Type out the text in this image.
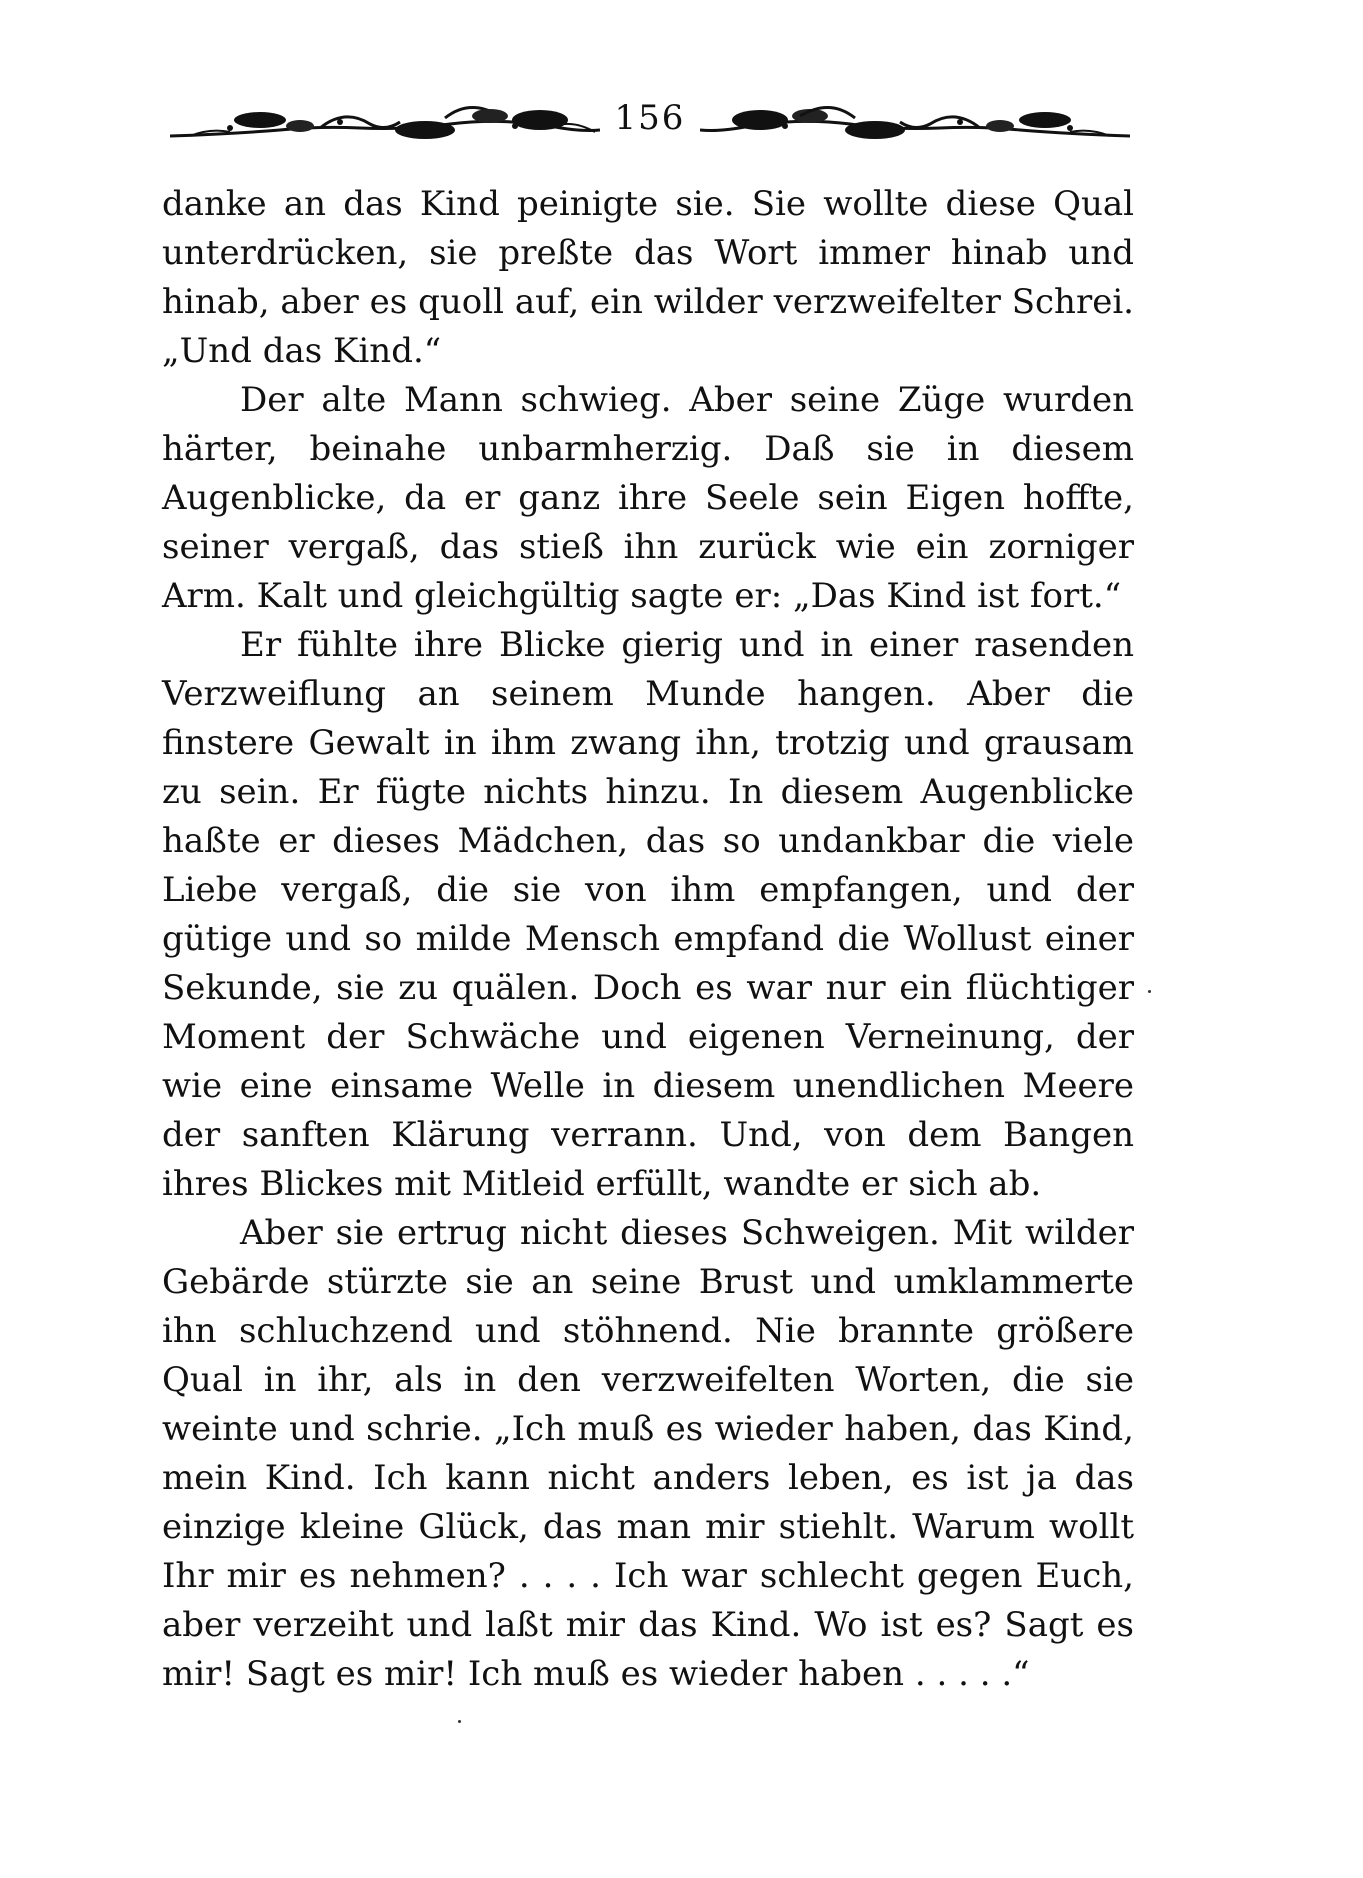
156

danke an das Kind peinigte sie. Sie wollte diese Qual unterdrücken, sie preßte das Wort immer hinab und hinab, aber es quoll auf, ein wilder verzweifelter Schrei. „Und das Kind.“

Der alte Mann schwieg. Aber seine Züge wurden härter, beinahe unbarmherzig. Daß sie in diesem Augenblicke, da er ganz ihre Seele sein Eigen hoffte, seiner vergaß, das stieß ihn zurück wie ein zorniger Arm. Kalt und gleichgültig sagte er: „Das Kind ist fort.“

Er fühlte ihre Blicke gierig und in einer rasenden Verzweiflung an seinem Munde hangen. Aber die finstere Gewalt in ihm zwang ihn, trotzig und grausam zu sein. Er fügte nichts hinzu. In diesem Augenblicke haßte er dieses Mädchen, das so undankbar die viele Liebe vergaß, die sie von ihm empfangen, und der gütige und so milde Mensch empfand die Wollust einer Sekunde, sie zu quälen. Doch es war nur ein flüchtiger Moment der Schwäche und eigenen Verneinung, der wie eine einsame Welle in diesem unendlichen Meere der sanften Klärung verrann. Und, von dem Bangen ihres Blickes mit Mitleid erfüllt, wandte er sich ab.

Aber sie ertrug nicht dieses Schweigen. Mit wilder Gebärde stürzte sie an seine Brust und umklammerte ihn schluchzend und stöhnend. Nie brannte größere Qual in ihr, als in den verzweifelten Worten, die sie weinte und schrie. „Ich muß es wieder haben, das Kind, mein Kind. Ich kann nicht anders leben, es ist ja das einzige kleine Glück, das man mir stiehlt. Warum wollt Ihr mir es nehmen? . . . . Ich war schlecht gegen Euch, aber verzeiht und laßt mir das Kind. Wo ist es? Sagt es mir! Sagt es mir! Ich muß es wieder haben . . . . .“
